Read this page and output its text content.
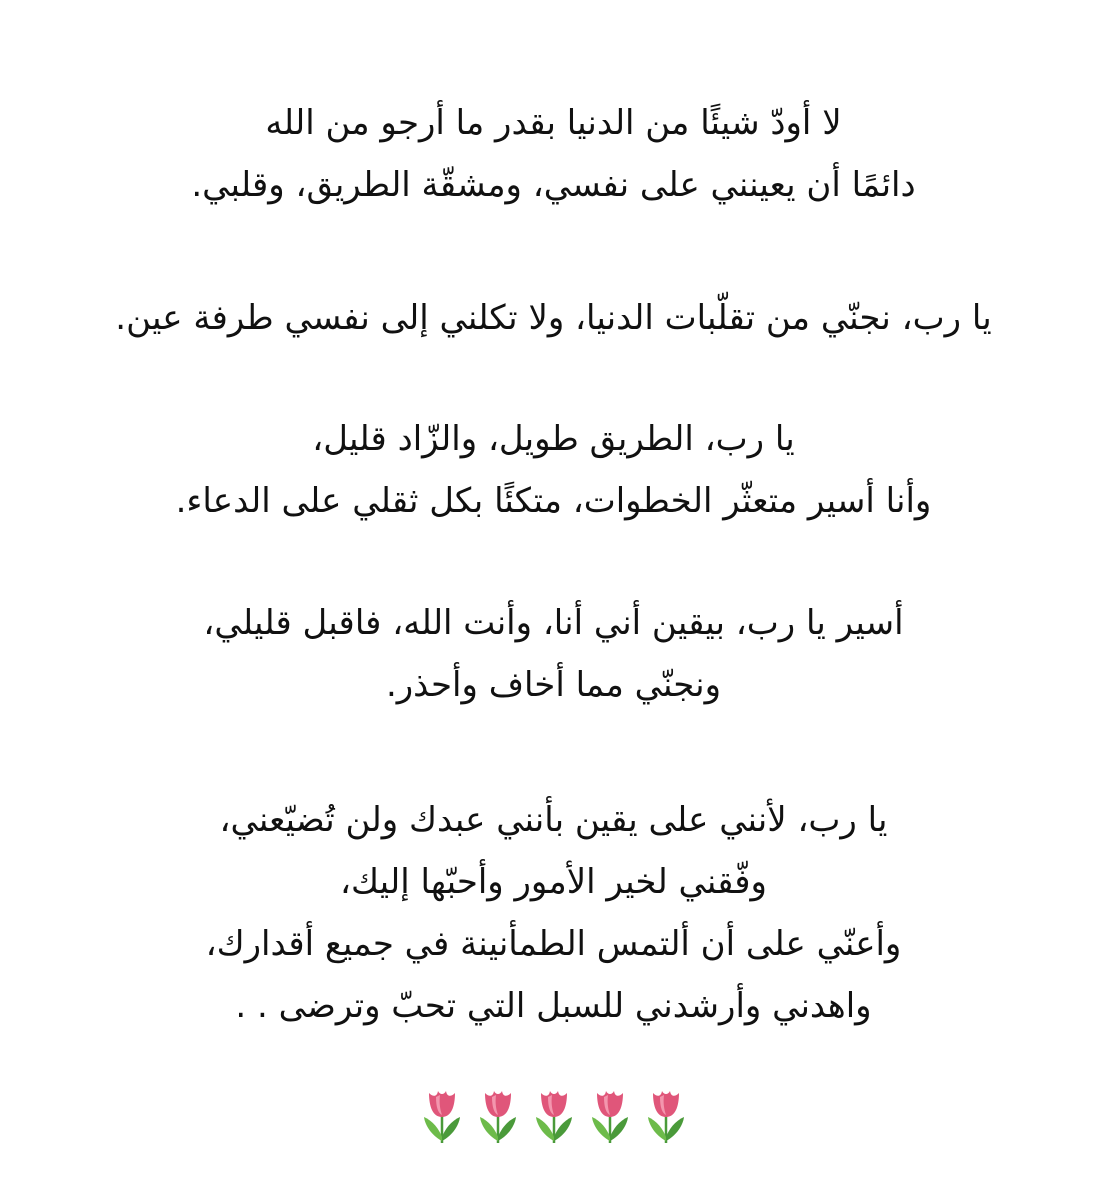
لا أودّ شيئًا من الدنيا بقدر ما أرجو من الله
دائمًا أن يعينني على نفسي، ومشقّة الطريق، وقلبي.
يا رب، نجنّي من تقلّبات الدنيا، ولا تكلني إلى نفسي طرفة عين.
يا رب، الطريق طويل، والزّاد قليل،
وأنا أسير متعثّر الخطوات، متكئًا بكل ثقلي على الدعاء.
أسير يا رب، بيقين أني أنا، وأنت الله، فاقبل قليلي،
ونجنّي مما أخاف وأحذر.
يا رب، لأنني على يقين بأنني عبدك ولن تُضيّعني،
وفّقني لخير الأمور وأحبّها إليك،
وأعنّي على أن ألتمس الطمأنينة في جميع أقدارك،
واهدني وأرشدني للسبل التي تحبّ وترضى . .
